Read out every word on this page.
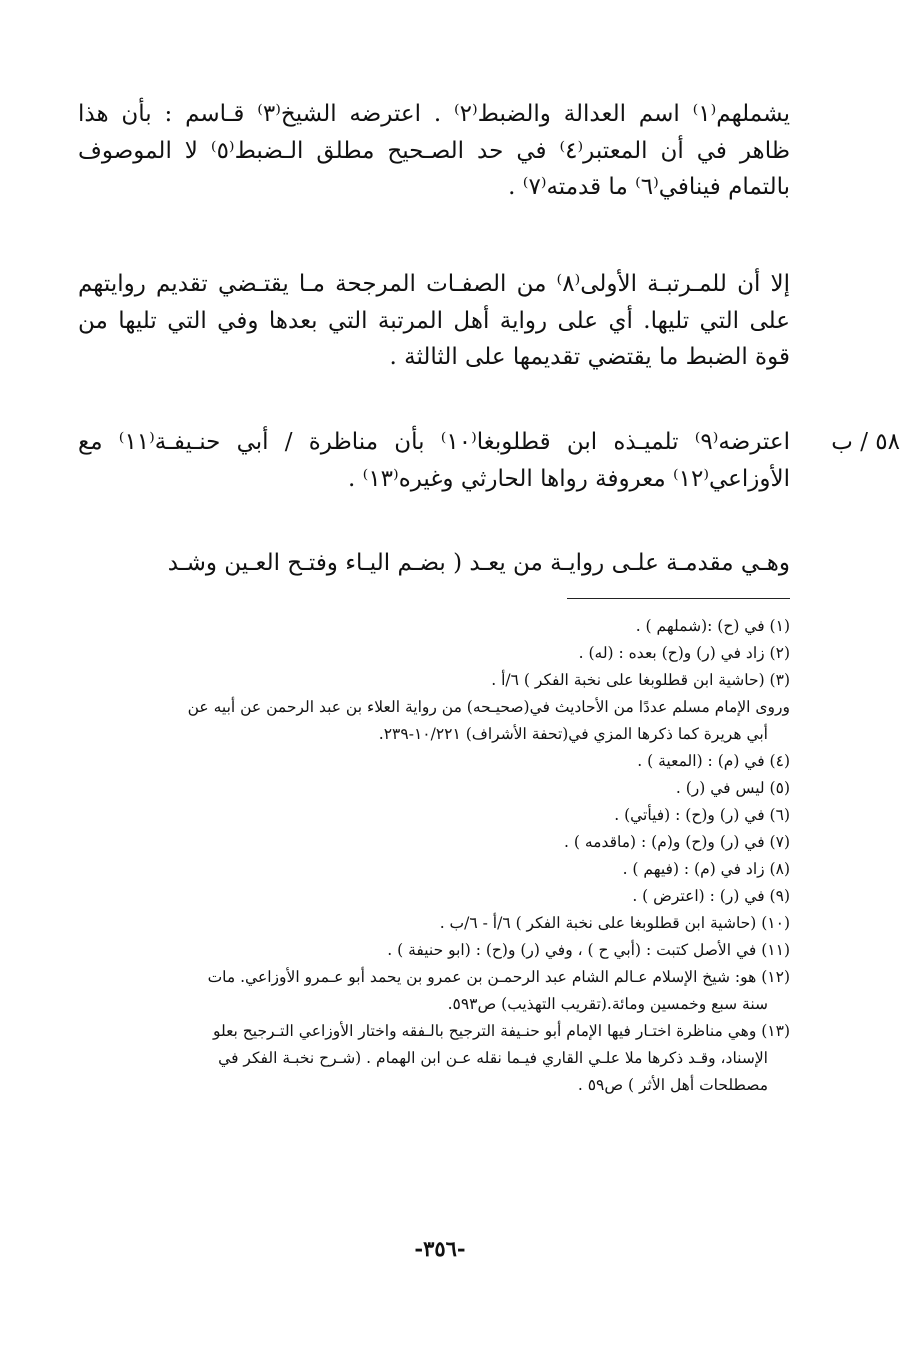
يشملهم⁽١⁾ اسم العدالة والضبط⁽٢⁾ . اعترضه الشيخ⁽٣⁾ قـاسم : بأن هذا ظاهر في أن المعتبر⁽٤⁾ في حد الصـحيح مطلق الـضبط⁽٥⁾ لا الموصوف بالتمام فينافي⁽٦⁾ ما قدمته⁽٧⁾ .

إلا أن للمـرتبـة الأولى⁽٨⁾ من الصفـات المرجحة مـا يقتـضي تقديم روايتهم على التي تليها. أي على رواية أهل المرتبة التي بعدها وفي التي تليها من قوة الضبط ما يقتضي تقديمها على الثالثة .

٥٨ / ب

اعترضه⁽٩⁾ تلميـذه ابن قطلوبغا⁽١٠⁾ بأن مناظرة / أبي حنـيفـة⁽١١⁾ مع الأوزاعي⁽١٢⁾ معروفة رواها الحارثي وغيره⁽١٣⁾ .

وهـي مقدمـة علـى روايـة من يعـد ( بضـم اليـاء وفتـح العـين وشـد

(١) في (ح) :(شملهم ) .
(٢) زاد في (ر) و(ح) بعده : (له) .
(٣) (حاشية ابن قطلوبغا على نخبة الفكر ) ٦/أ .
وروى الإمام مسلم عددًا من الأحاديث في(صحيـحه) من رواية العلاء بن عبد الرحمن عن أبيه عن
أبي هريرة كما ذكرها المزي في(تحفة الأشراف) ١٠/٢٢١-٢٣٩.
(٤) في (م) : (المعية ) .
(٥) ليس في (ر) .
(٦) في (ر) و(ح) : (فيأتي) .
(٧) في (ر) و(ح) و(م) : (ماقدمه ) .
(٨) زاد في (م) : (فيهم ) .
(٩) في (ر) : (اعترض ) .
(١٠) (حاشية ابن قطلوبغا على نخبة الفكر ) ٦/أ - ٦/ب .
(١١) في الأصل كتبت : (أبي ح ) ، وفي (ر) و(ح) : (ابو حنيفة ) .
(١٢) هو: شيخ الإسلام عـالم الشام عبد الرحمـن بن عمرو بن يحمد أبو عـمرو الأوزاعي. مات
سنة سبع وخمسين ومائة.(تقريب التهذيب) ص٥٩٣.
(١٣) وهي مناظرة اختـار فيها الإمام أبو حنـيفة الترجيح بالـفقه واختار الأوزاعي التـرجيح بعلو
الإسناد، وقـد ذكرها ملا علـي القاري فيـما نقله عـن ابن الهمام . (شـرح نخبـة الفكر في
مصطلحات أهل الأثر ) ص٥٩ .
-٣٥٦-
